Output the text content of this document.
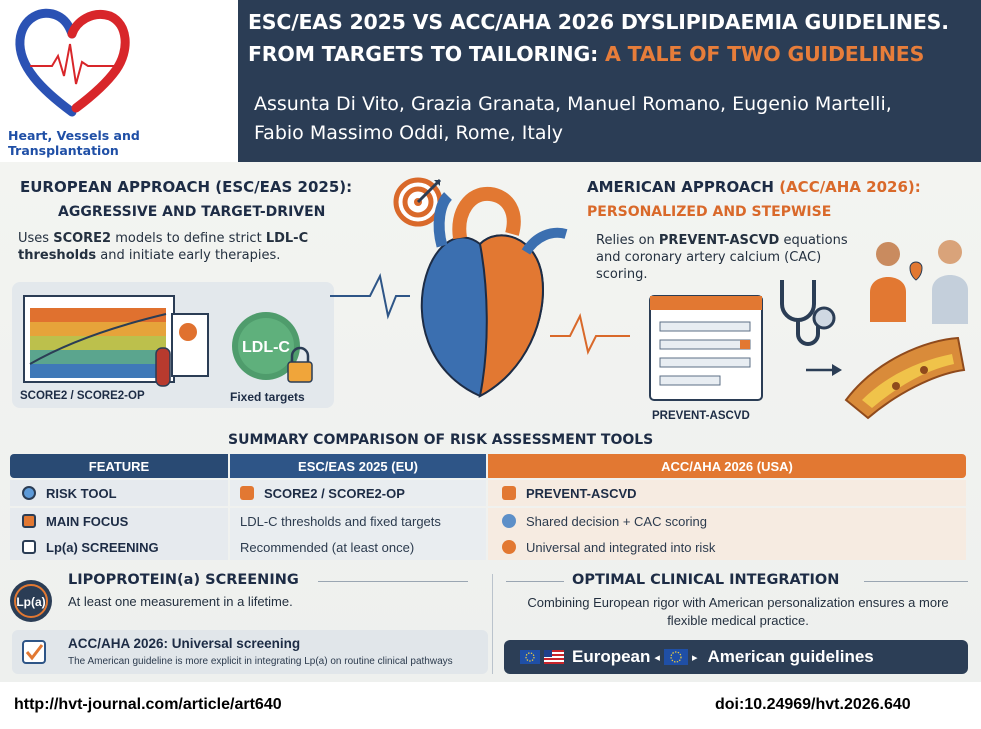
Heart, Vessels and Transplantation
ESC/EAS 2025 VS ACC/AHA 2026 DYSLIPIDAEMIA GUIDELINES.
FROM TARGETS TO TAILORING: A TALE OF TWO GUIDELINES
Assunta Di Vito, Grazia Granata, Manuel Romano, Eugenio Martelli,
Fabio Massimo Oddi, Rome, Italy
EUROPEAN APPROACH (ESC/EAS 2025):
AGGRESSIVE AND TARGET-DRIVEN
Uses SCORE2 models to define strict LDL-C thresholds and initiate early therapies.
AMERICAN APPROACH (ACC/AHA 2026):
PERSONALIZED AND STEPWISE
Relies on PREVENT-ASCVD equations and coronary artery calcium (CAC) scoring.
SCORE2 / SCORE2-OP
LDL-C
Fixed targets
PREVENT-ASCVD
SUMMARY COMPARISON OF RISK ASSESSMENT TOOLS
FEATURE	ESC/EAS 2025 (EU)	ACC/AHA 2026 (USA)
RISK TOOL	SCORE2 / SCORE2-OP	PREVENT-ASCVD
MAIN FOCUS	LDL-C thresholds and fixed targets	Shared decision + CAC scoring
Lp(a) SCREENING	Recommended (at least once)	Universal and integrated into risk
Lp(a)
LIPOPROTEIN(a) SCREENING
At least one measurement in a lifetime.
ACC/AHA 2026: Universal screening
The American guideline is more explicit in integrating Lp(a) on routine clinical pathways
OPTIMAL CLINICAL INTEGRATION
Combining European rigor with American personalization ensures a more flexible medical practice.
European ◂	▸ American guidelines
http://hvt-journal.com/article/art640	doi:10.24969/hvt.2026.640
